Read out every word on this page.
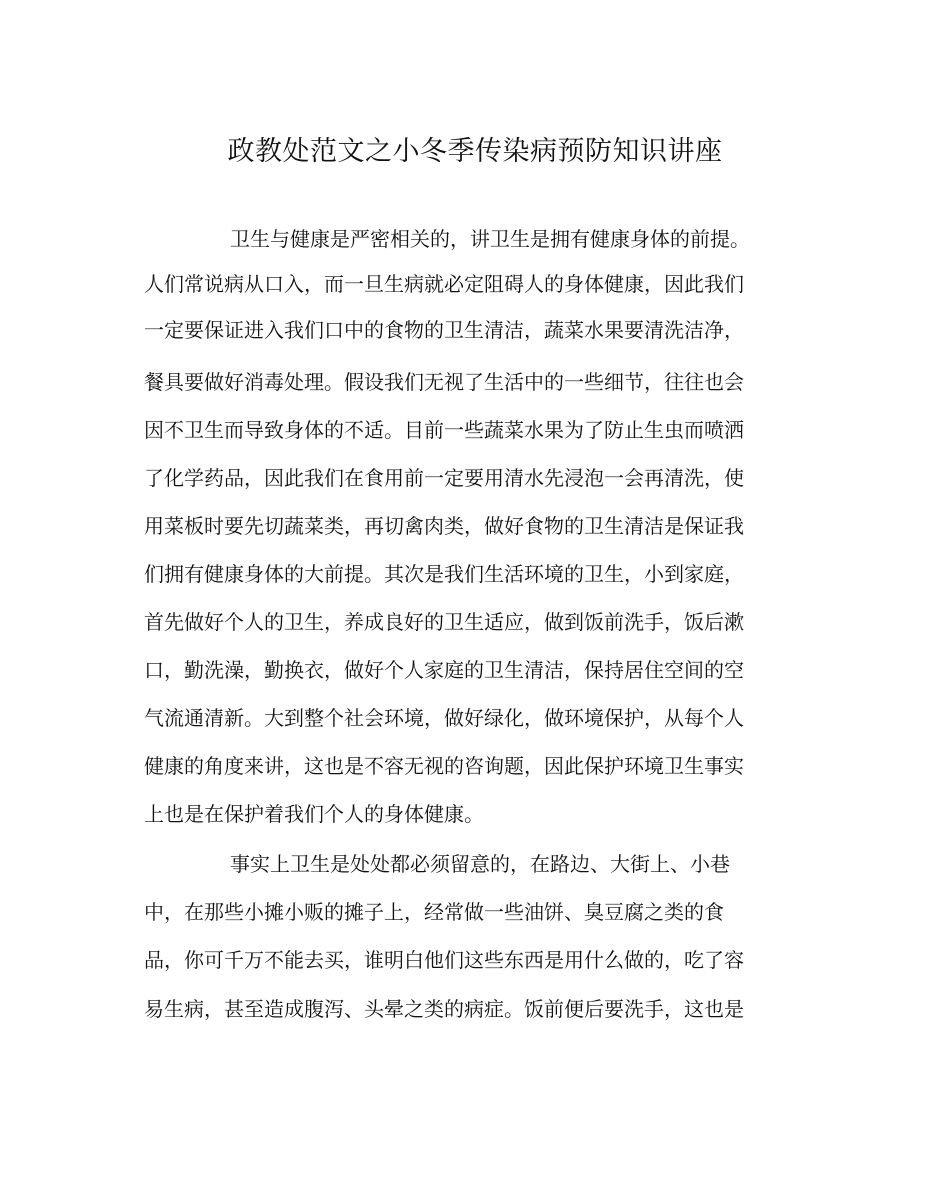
政教处范文之小冬季传染病预防知识讲座
卫生与健康是严密相关的，讲卫生是拥有健康身体的前提。
人们常说病从口入，而一旦生病就必定阻碍人的身体健康，因此我们
一定要保证进入我们口中的食物的卫生清洁，蔬菜水果要清洗洁净，
餐具要做好消毒处理。假设我们无视了生活中的一些细节，往往也会
因不卫生而导致身体的不适。目前一些蔬菜水果为了防止生虫而喷洒
了化学药品，因此我们在食用前一定要用清水先浸泡一会再清洗，使
用菜板时要先切蔬菜类，再切禽肉类，做好食物的卫生清洁是保证我
们拥有健康身体的大前提。其次是我们生活环境的卫生，小到家庭，
首先做好个人的卫生，养成良好的卫生适应，做到饭前洗手，饭后漱
口，勤洗澡，勤换衣，做好个人家庭的卫生清洁，保持居住空间的空
气流通清新。大到整个社会环境，做好绿化，做环境保护，从每个人
健康的角度来讲，这也是不容无视的咨询题，因此保护环境卫生事实
上也是在保护着我们个人的身体健康。
事实上卫生是处处都必须留意的，在路边、大街上、小巷
中，在那些小摊小贩的摊子上，经常做一些油饼、臭豆腐之类的食
品，你可千万不能去买，谁明白他们这些东西是用什么做的，吃了容
易生病，甚至造成腹泻、头晕之类的病症。饭前便后要洗手，这也是
